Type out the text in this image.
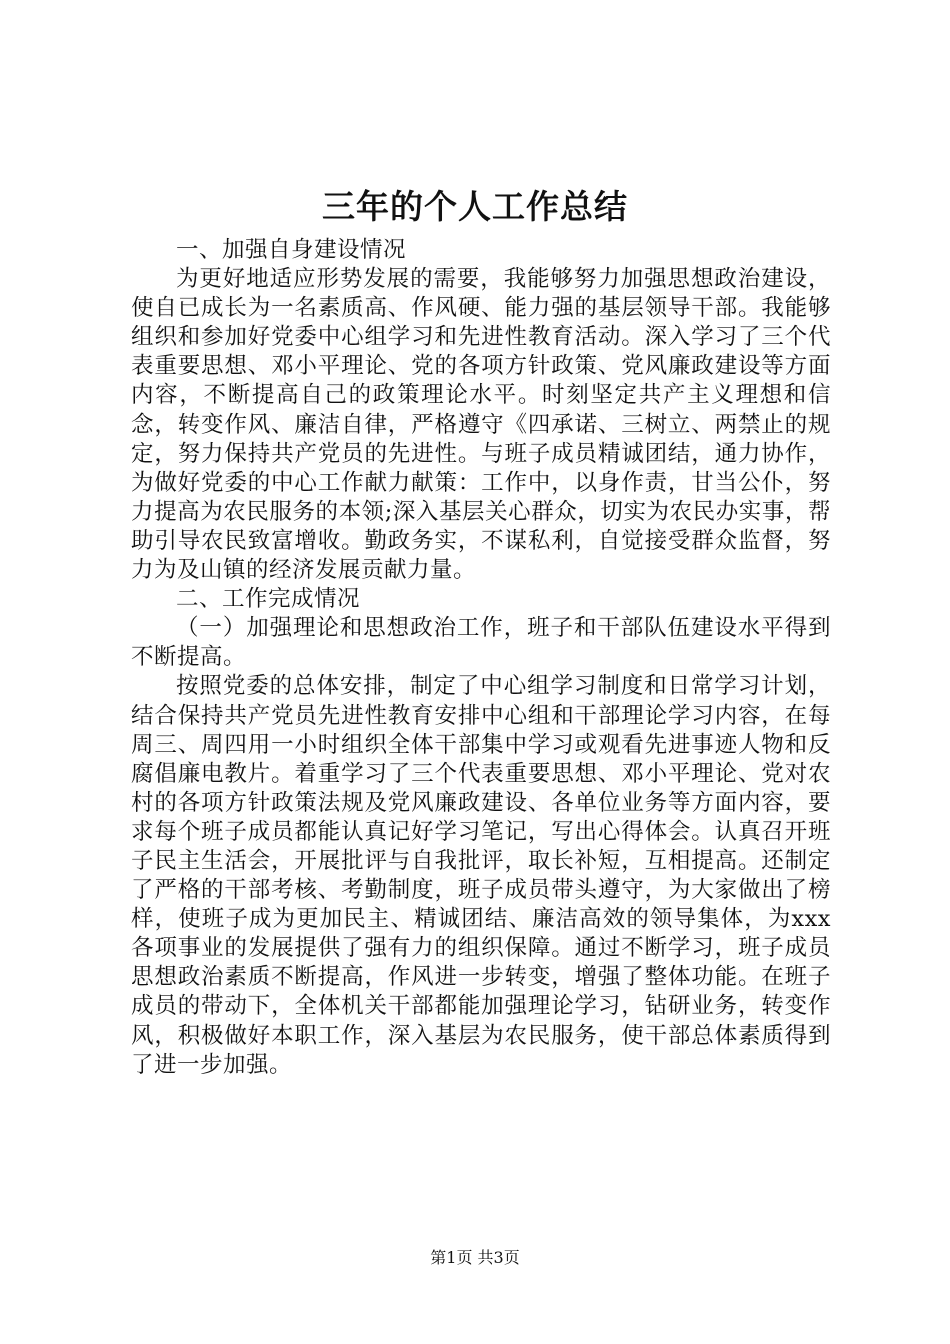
三年的个人工作总结

一、加强自身建设情况

为更好地适应形势发展的需要，我能够努力加强思想政治建设，使自已成长为一名素质高、作风硬、能力强的基层领导干部。我能够组织和参加好党委中心组学习和先进性教育活动。深入学习了三个代表重要思想、邓小平理论、党的各项方针政策、党风廉政建设等方面内容，不断提高自己的政策理论水平。时刻坚定共产主义理想和信念，转变作风、廉洁自律，严格遵守《四承诺、三树立、两禁止的规定，努力保持共产党员的先进性。与班子成员精诚团结，通力协作，为做好党委的中心工作献力献策：工作中，以身作责，甘当公仆，努力提高为农民服务的本领;深入基层关心群众，切实为农民办实事，帮助引导农民致富增收。勤政务实，不谋私利，自觉接受群众监督，努力为及山镇的经济发展贡献力量。

二、工作完成情况

（一）加强理论和思想政治工作，班子和干部队伍建设水平得到不断提高。

按照党委的总体安排，制定了中心组学习制度和日常学习计划，结合保持共产党员先进性教育安排中心组和干部理论学习内容，在每周三、周四用一小时组织全体干部集中学习或观看先进事迹人物和反腐倡廉电教片。着重学习了三个代表重要思想、邓小平理论、党对农村的各项方针政策法规及党风廉政建设、各单位业务等方面内容，要求每个班子成员都能认真记好学习笔记，写出心得体会。认真召开班子民主生活会，开展批评与自我批评，取长补短，互相提高。还制定了严格的干部考核、考勤制度，班子成员带头遵守，为大家做出了榜样，使班子成为更加民主、精诚团结、廉洁高效的领导集体，为xxx各项事业的发展提供了强有力的组织保障。通过不断学习，班子成员思想政治素质不断提高，作风进一步转变，增强了整体功能。在班子成员的带动下，全体机关干部都能加强理论学习，钻研业务，转变作风，积极做好本职工作，深入基层为农民服务，使干部总体素质得到了进一步加强。

第1页 共3页
